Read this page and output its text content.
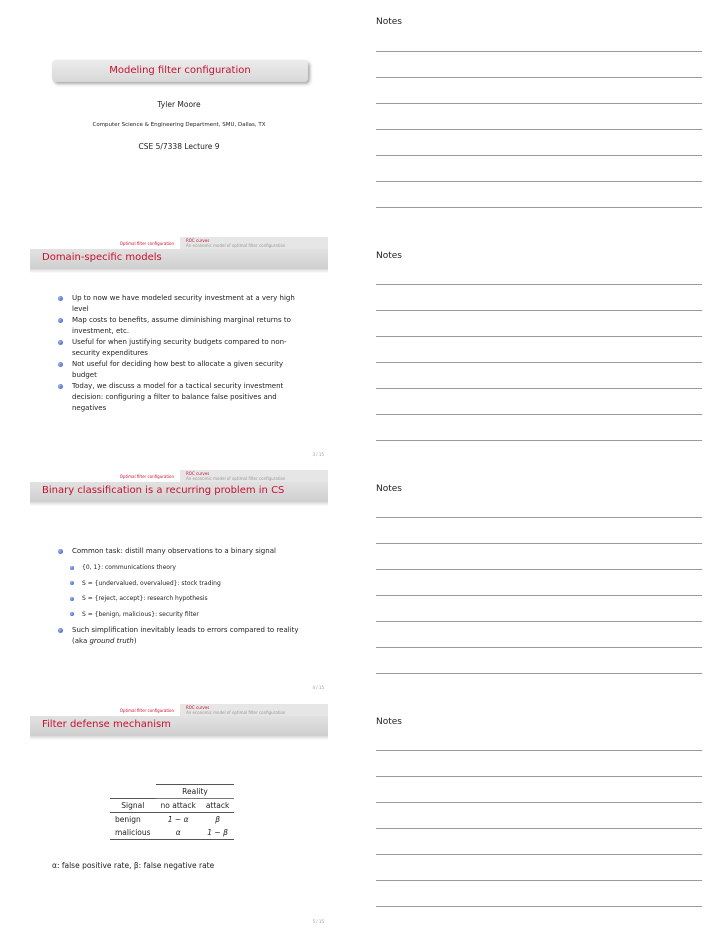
Modeling filter configuration
Tyler Moore
Computer Science & Engineering Department, SMU, Dallas, TX
CSE 5/7338 Lecture 9
Notes
Optimal filter configuration
ROC curves
An economic model of optimal filter configuration
Domain-specific models

Up to now we have modeled security investment at a very high level

Map costs to benefits, assume diminishing marginal returns to investment, etc.

Useful for when justifying security budgets compared to non-security expenditures

Not useful for deciding how best to allocate a given security budget

Today, we discuss a model for a tactical security investment decision: configuring a filter to balance false positives and negatives

3 / 15
Notes
Optimal filter configuration
ROC curves
An economic model of optimal filter configuration
Binary classification is a recurring problem in CS

Common task: distill many observations to a binary signal

{0, 1}: communications theory

S = {undervalued, overvalued}: stock trading

S = {reject, accept}: research hypothesis

S = {benign, malicious}: security filter

Such simplification inevitably leads to errors compared to reality (aka ground truth)

4 / 15
Notes
Optimal filter configuration
ROC curves
An economic model of optimal filter configuration
Filter defense mechanism
	Reality	
Signal	no attack	attack
benign	1 − α	β
malicious	α	1 − β
α: false positive rate, β: false negative rate
5 / 15
Notes
